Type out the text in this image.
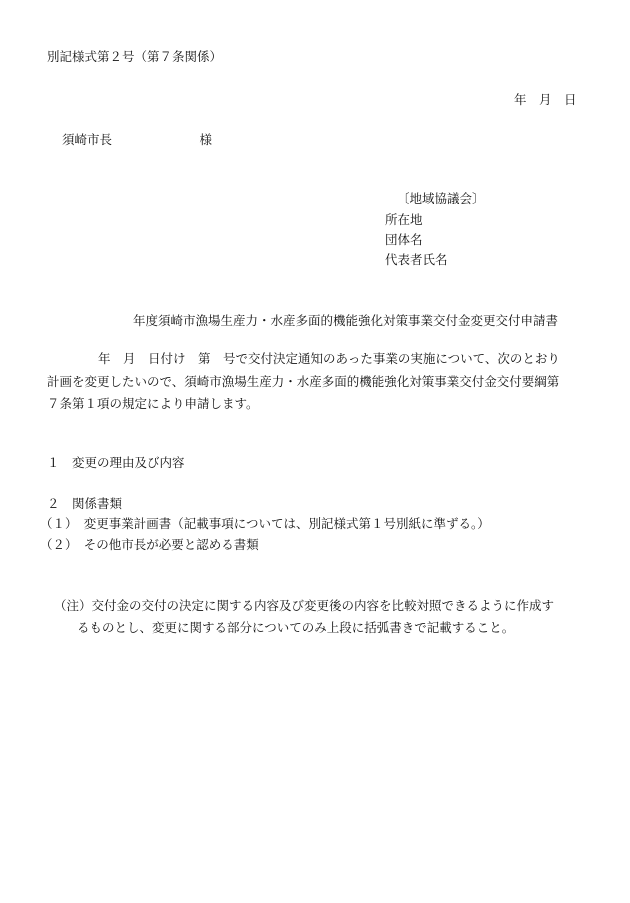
別記様式第２号（第７条関係）
年　月　日
須崎市長　　　　　　　様
〔地域協議会〕
所在地
団体名
代表者氏名
年度須崎市漁場生産力・水産多面的機能強化対策事業交付金変更交付申請書
年　月　日付け　第　号で交付決定通知のあった事業の実施について、次のとおり
計画を変更したいので、須崎市漁場生産力・水産多面的機能強化対策事業交付金交付要綱第
７条第１項の規定により申請します。
１　変更の理由及び内容
２　関係書類
（１）　変更事業計画書（記載事項については、別記様式第１号別紙に準ずる。）
（２）　その他市長が必要と認める書類
（注）交付金の交付の決定に関する内容及び変更後の内容を比較対照できるように作成す
るものとし、変更に関する部分についてのみ上段に括弧書きで記載すること。
